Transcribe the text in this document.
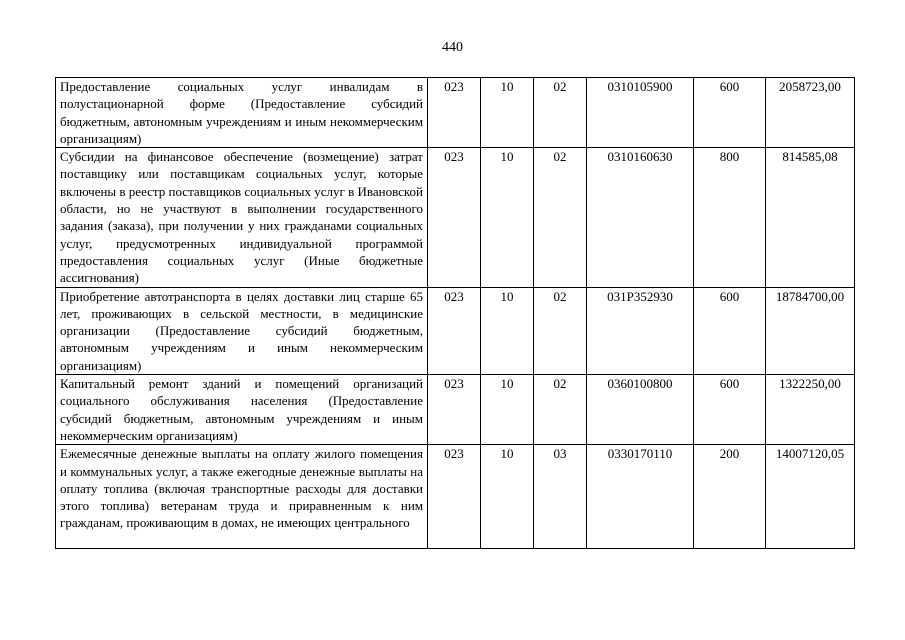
440
Предоставление социальных услуг инвалидам в полустационарной форме (Предоставление субсидий бюджетным, автономным учреждениям и иным некоммерческим организациям)	023	10	02	0310105900	600	2058723,00
Субсидии на финансовое обеспечение (возмещение) затрат поставщику или поставщикам социальных услуг, которые включены в реестр поставщиков социальных услуг в Ивановской области, но не участвуют в выполнении государственного задания (заказа), при получении у них гражданами социальных услуг, предусмотренных индивидуальной программой предоставления социальных услуг (Иные бюджетные ассигнования)	023	10	02	0310160630	800	814585,08
Приобретение автотранспорта в целях доставки лиц старше 65 лет, проживающих в сельской местности, в медицинские организации (Предоставление субсидий бюджетным, автономным учреждениям и иным некоммерческим организациям)	023	10	02	031P352930	600	18784700,00
Капитальный ремонт зданий и помещений организаций социального обслуживания населения (Предоставление субсидий бюджетным, автономным учреждениям и иным некоммерческим организациям)	023	10	02	0360100800	600	1322250,00
Ежемесячные денежные выплаты на оплату жилого помещения и коммунальных услуг, а также ежегодные денежные выплаты на оплату топлива (включая транспортные расходы для доставки этого топлива) ветеранам труда и приравненным к ним гражданам, проживающим в домах, не имеющих центрального	023	10	03	0330170110	200	14007120,05
